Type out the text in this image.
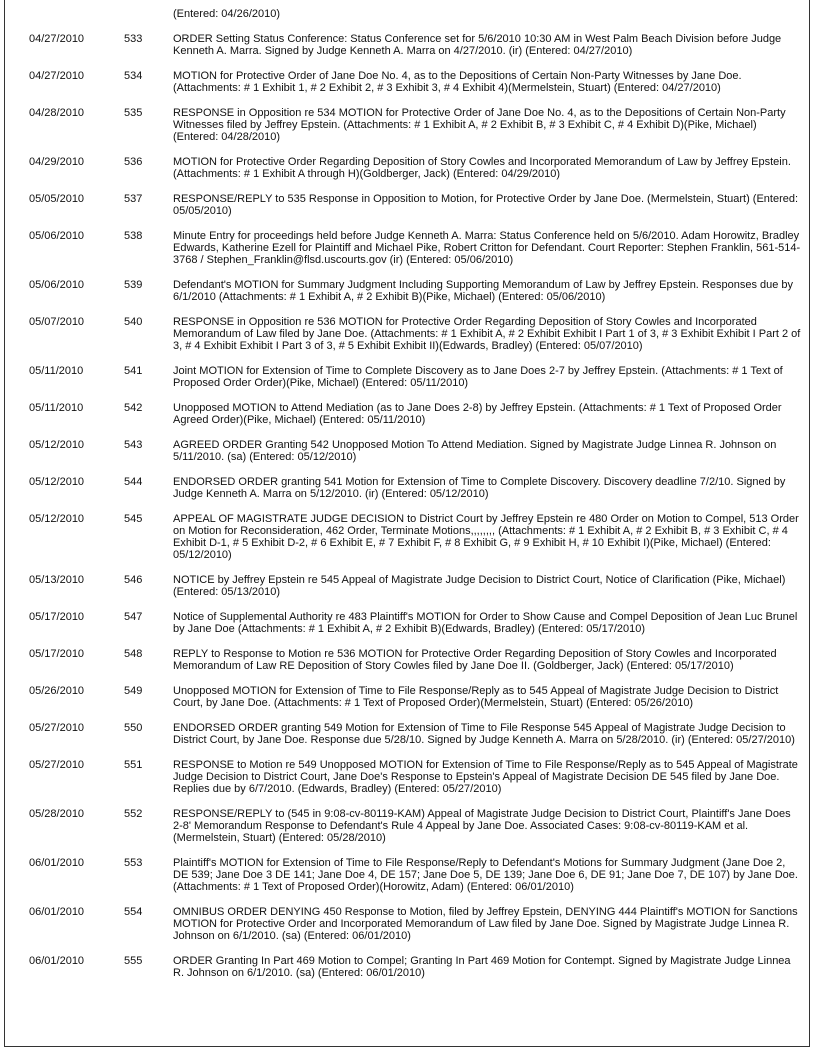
		(Entered: 04/26/2010)
04/27/2010	533	ORDER Setting Status Conference: Status Conference set for 5/6/2010 10:30 AM in West Palm Beach Division before Judge Kenneth A. Marra. Signed by Judge Kenneth A. Marra on 4/27/2010. (ir) (Entered: 04/27/2010)
04/27/2010	534	MOTION for Protective Order of Jane Doe No. 4, as to the Depositions of Certain Non-Party Witnesses by Jane Doe. (Attachments: # 1 Exhibit 1, # 2 Exhibit 2, # 3 Exhibit 3, # 4 Exhibit 4)(Mermelstein, Stuart) (Entered: 04/27/2010)
04/28/2010	535	RESPONSE in Opposition re 534 MOTION for Protective Order of Jane Doe No. 4, as to the Depositions of Certain Non-Party Witnesses filed by Jeffrey Epstein. (Attachments: # 1 Exhibit A, # 2 Exhibit B, # 3 Exhibit C, # 4 Exhibit D)(Pike, Michael) (Entered: 04/28/2010)
04/29/2010	536	MOTION for Protective Order Regarding Deposition of Story Cowles and Incorporated Memorandum of Law by Jeffrey Epstein. (Attachments: # 1 Exhibit A through H)(Goldberger, Jack) (Entered: 04/29/2010)
05/05/2010	537	RESPONSE/REPLY to 535 Response in Opposition to Motion, for Protective Order by Jane Doe. (Mermelstein, Stuart) (Entered: 05/05/2010)
05/06/2010	538	Minute Entry for proceedings held before Judge Kenneth A. Marra: Status Conference held on 5/6/2010. Adam Horowitz, Bradley Edwards, Katherine Ezell for Plaintiff and Michael Pike, Robert Critton for Defendant. Court Reporter: Stephen Franklin, 561-514-3768 / Stephen_Franklin@flsd.uscourts.gov (ir) (Entered: 05/06/2010)
05/06/2010	539	Defendant's MOTION for Summary Judgment Including Supporting Memorandum of Law by Jeffrey Epstein. Responses due by 6/1/2010 (Attachments: # 1 Exhibit A, # 2 Exhibit B)(Pike, Michael) (Entered: 05/06/2010)
05/07/2010	540	RESPONSE in Opposition re 536 MOTION for Protective Order Regarding Deposition of Story Cowles and Incorporated Memorandum of Law filed by Jane Doe. (Attachments: # 1 Exhibit A, # 2 Exhibit Exhibit I Part 1 of 3, # 3 Exhibit Exhibit I Part 2 of 3, # 4 Exhibit Exhibit I Part 3 of 3, # 5 Exhibit Exhibit II)(Edwards, Bradley) (Entered: 05/07/2010)
05/11/2010	541	Joint MOTION for Extension of Time to Complete Discovery as to Jane Does 2-7 by Jeffrey Epstein. (Attachments: # 1 Text of Proposed Order Order)(Pike, Michael) (Entered: 05/11/2010)
05/11/2010	542	Unopposed MOTION to Attend Mediation (as to Jane Does 2-8) by Jeffrey Epstein. (Attachments: # 1 Text of Proposed Order Agreed Order)(Pike, Michael) (Entered: 05/11/2010)
05/12/2010	543	AGREED ORDER Granting 542 Unopposed Motion To Attend Mediation. Signed by Magistrate Judge Linnea R. Johnson on 5/11/2010. (sa) (Entered: 05/12/2010)
05/12/2010	544	ENDORSED ORDER granting 541 Motion for Extension of Time to Complete Discovery. Discovery deadline 7/2/10. Signed by Judge Kenneth A. Marra on 5/12/2010. (ir) (Entered: 05/12/2010)
05/12/2010	545	APPEAL OF MAGISTRATE JUDGE DECISION to District Court by Jeffrey Epstein re 480 Order on Motion to Compel, 513 Order on Motion for Reconsideration, 462 Order, Terminate Motions,,,,,,,, (Attachments: # 1 Exhibit A, # 2 Exhibit B, # 3 Exhibit C, # 4 Exhibit D-1, # 5 Exhibit D-2, # 6 Exhibit E, # 7 Exhibit F, # 8 Exhibit G, # 9 Exhibit H, # 10 Exhibit I)(Pike, Michael) (Entered: 05/12/2010)
05/13/2010	546	NOTICE by Jeffrey Epstein re 545 Appeal of Magistrate Judge Decision to District Court, Notice of Clarification (Pike, Michael) (Entered: 05/13/2010)
05/17/2010	547	Notice of Supplemental Authority re 483 Plaintiff's MOTION for Order to Show Cause and Compel Deposition of Jean Luc Brunel by Jane Doe (Attachments: # 1 Exhibit A, # 2 Exhibit B)(Edwards, Bradley) (Entered: 05/17/2010)
05/17/2010	548	REPLY to Response to Motion re 536 MOTION for Protective Order Regarding Deposition of Story Cowles and Incorporated Memorandum of Law RE Deposition of Story Cowles filed by Jane Doe II. (Goldberger, Jack) (Entered: 05/17/2010)
05/26/2010	549	Unopposed MOTION for Extension of Time to File Response/Reply as to 545 Appeal of Magistrate Judge Decision to District Court, by Jane Doe. (Attachments: # 1 Text of Proposed Order)(Mermelstein, Stuart) (Entered: 05/26/2010)
05/27/2010	550	ENDORSED ORDER granting 549 Motion for Extension of Time to File Response 545 Appeal of Magistrate Judge Decision to District Court, by Jane Doe. Response due 5/28/10. Signed by Judge Kenneth A. Marra on 5/28/2010. (ir) (Entered: 05/27/2010)
05/27/2010	551	RESPONSE to Motion re 549 Unopposed MOTION for Extension of Time to File Response/Reply as to 545 Appeal of Magistrate Judge Decision to District Court, Jane Doe's Response to Epstein's Appeal of Magistrate Decision DE 545 filed by Jane Doe. Replies due by 6/7/2010. (Edwards, Bradley) (Entered: 05/27/2010)
05/28/2010	552	RESPONSE/REPLY to (545 in 9:08-cv-80119-KAM) Appeal of Magistrate Judge Decision to District Court, Plaintiff's Jane Does 2-8' Memorandum Response to Defendant's Rule 4 Appeal by Jane Doe. Associated Cases: 9:08-cv-80119-KAM et al.(Mermelstein, Stuart) (Entered: 05/28/2010)
06/01/2010	553	Plaintiff's MOTION for Extension of Time to File Response/Reply to Defendant's Motions for Summary Judgment (Jane Doe 2, DE 539; Jane Doe 3 DE 141; Jane Doe 4, DE 157; Jane Doe 5, DE 139; Jane Doe 6, DE 91; Jane Doe 7, DE 107) by Jane Doe. (Attachments: # 1 Text of Proposed Order)(Horowitz, Adam) (Entered: 06/01/2010)
06/01/2010	554	OMNIBUS ORDER DENYING 450 Response to Motion, filed by Jeffrey Epstein, DENYING 444 Plaintiff's MOTION for Sanctions MOTION for Protective Order and Incorporated Memorandum of Law filed by Jane Doe. Signed by Magistrate Judge Linnea R. Johnson on 6/1/2010. (sa) (Entered: 06/01/2010)
06/01/2010	555	ORDER Granting In Part 469 Motion to Compel; Granting In Part 469 Motion for Contempt. Signed by Magistrate Judge Linnea R. Johnson on 6/1/2010. (sa) (Entered: 06/01/2010)
